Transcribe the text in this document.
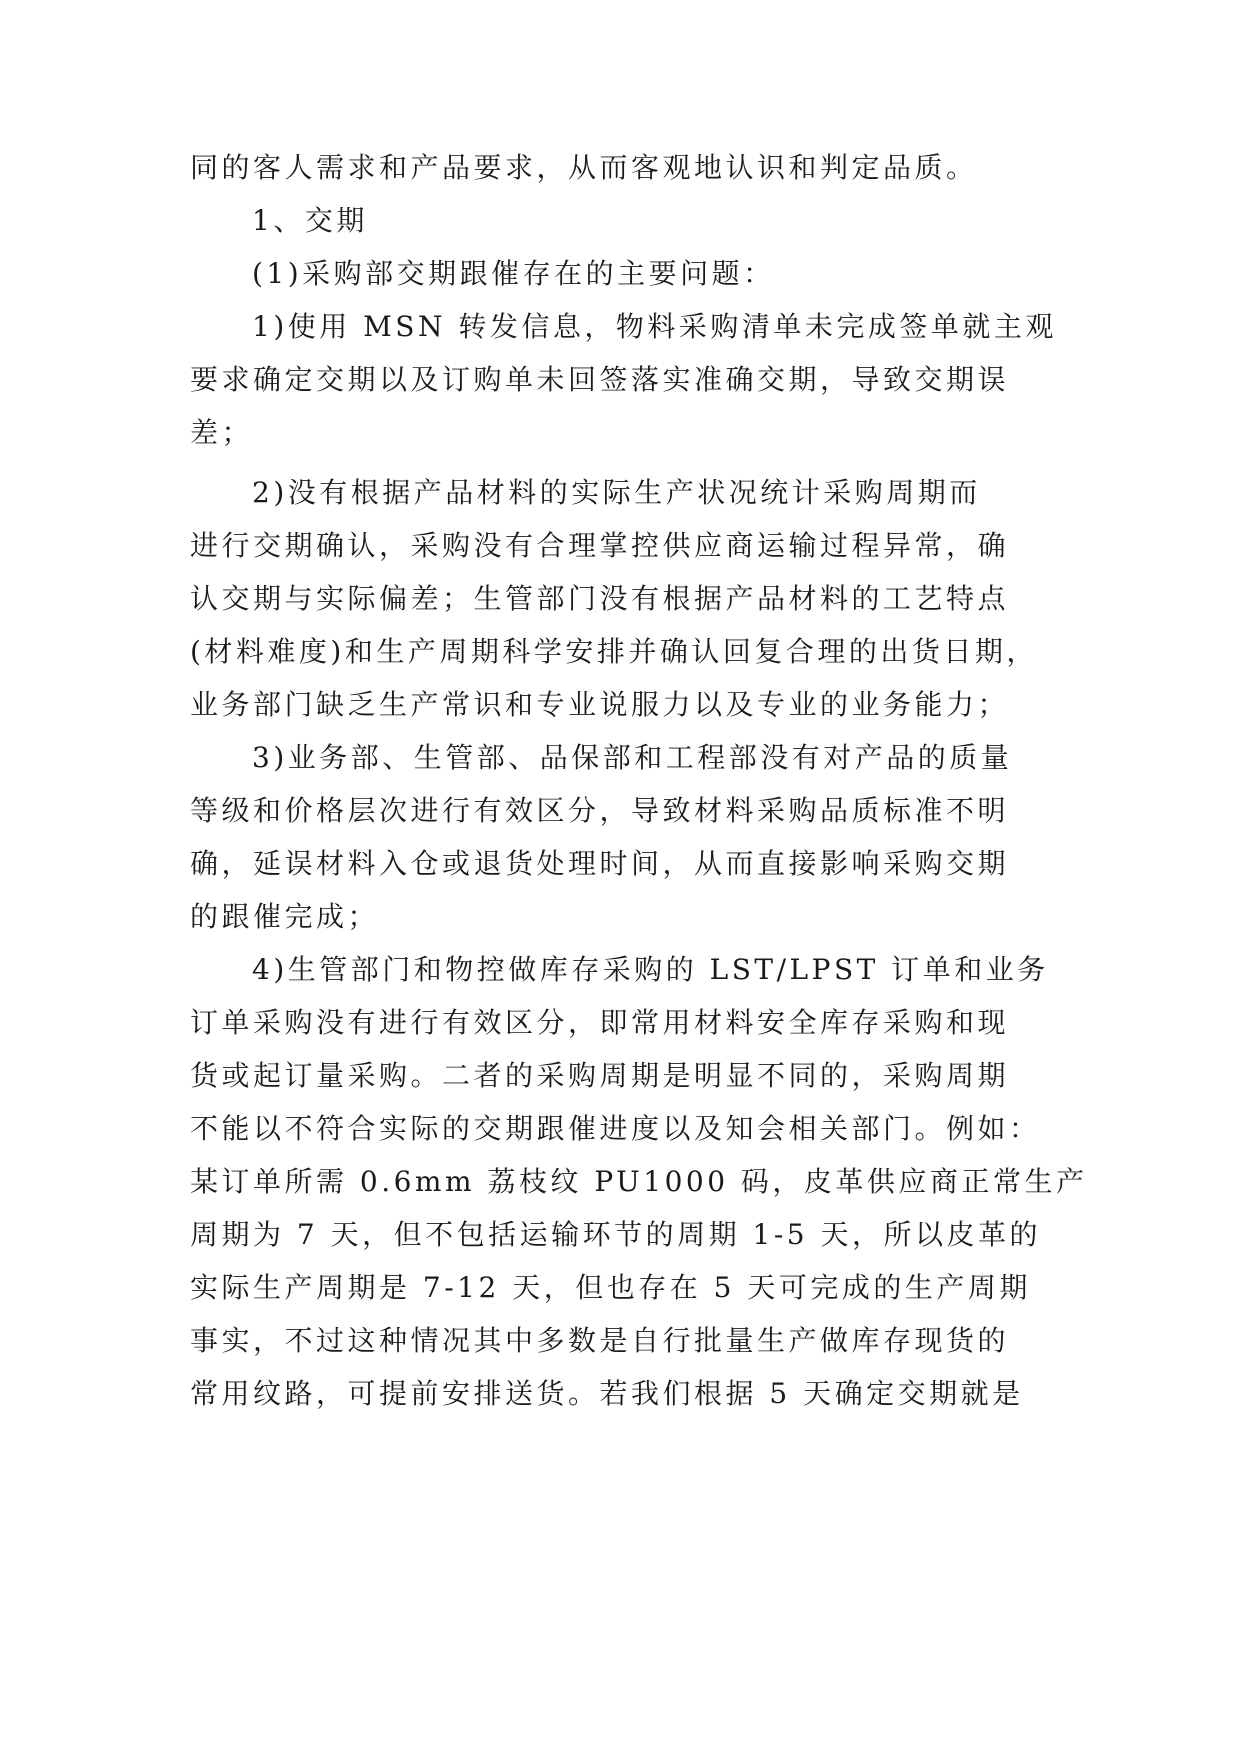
同的客人需求和产品要求，从而客观地认识和判定品质。
1、交期
(1)采购部交期跟催存在的主要问题：
1)使用 MSN 转发信息，物料采购清单未完成签单就主观
要求确定交期以及订购单未回签落实准确交期，导致交期误
差；
2)没有根据产品材料的实际生产状况统计采购周期而
进行交期确认，采购没有合理掌控供应商运输过程异常，确
认交期与实际偏差；生管部门没有根据产品材料的工艺特点
(材料难度)和生产周期科学安排并确认回复合理的出货日期，
业务部门缺乏生产常识和专业说服力以及专业的业务能力；
3)业务部、生管部、品保部和工程部没有对产品的质量
等级和价格层次进行有效区分，导致材料采购品质标准不明
确，延误材料入仓或退货处理时间，从而直接影响采购交期
的跟催完成；
4)生管部门和物控做库存采购的 LST/LPST 订单和业务
订单采购没有进行有效区分，即常用材料安全库存采购和现
货或起订量采购。二者的采购周期是明显不同的，采购周期
不能以不符合实际的交期跟催进度以及知会相关部门。例如：
某订单所需 0.6mm 荔枝纹 PU1000 码，皮革供应商正常生产
周期为 7 天，但不包括运输环节的周期 1-5 天，所以皮革的
实际生产周期是 7-12 天，但也存在 5 天可完成的生产周期
事实，不过这种情况其中多数是自行批量生产做库存现货的
常用纹路，可提前安排送货。若我们根据 5 天确定交期就是
